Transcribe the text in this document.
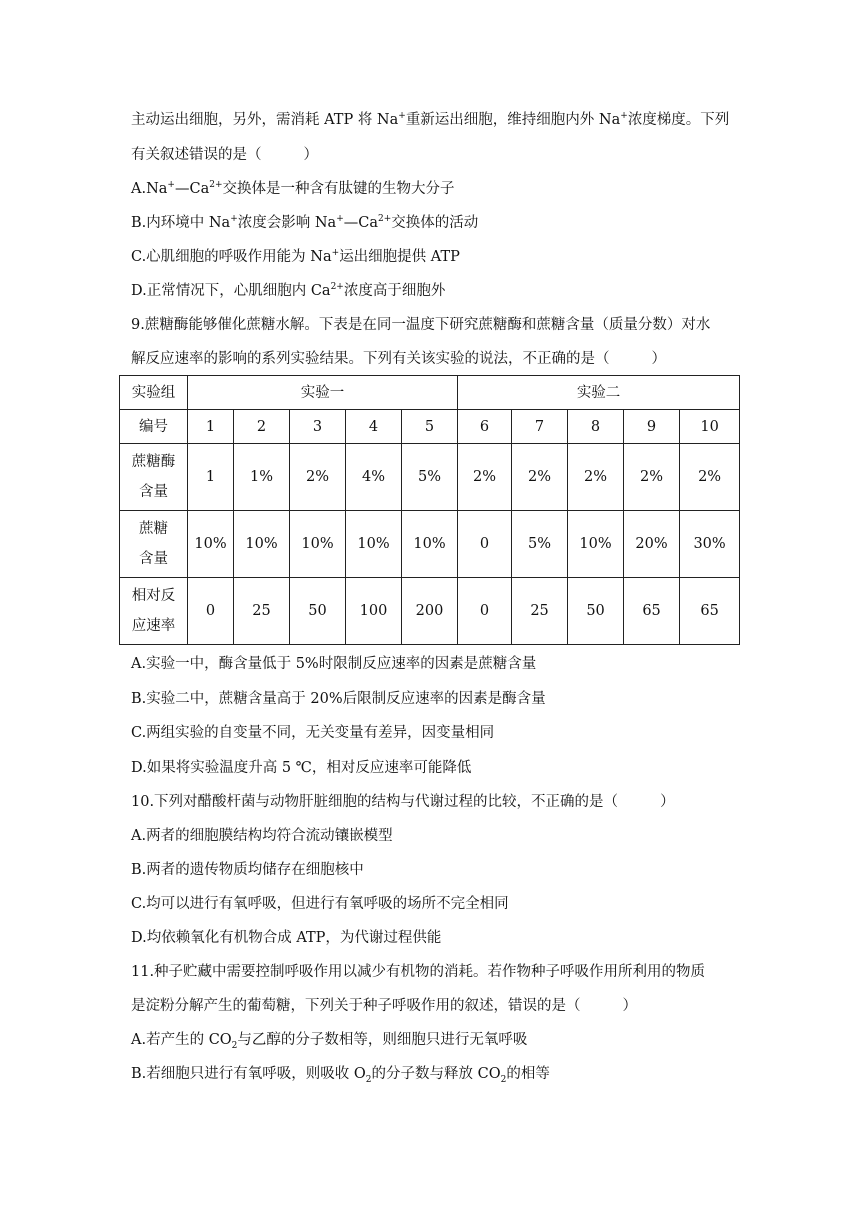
主动运出细胞，另外，需消耗 ATP 将 Na+重新运出细胞，维持细胞内外 Na+浓度梯度。下列
有关叙述错误的是（	）
$A.Na^+—Ca^{2+}$交换体是一种含有肽键的生物大分子
B.内环境中 Na+浓度会影响 $Na^+—Ca^{2+}$交换体的活动
C.心肌细胞的呼吸作用能为 Na+运出细胞提供 ATP
D.正常情况下，心肌细胞内 $Ca^{2+}$浓度高于细胞外
9.蔗糖酶能够催化蔗糖水解。下表是在同一温度下研究蔗糖酶和蔗糖含量（质量分数）对水
解反应速率的影响的系列实验结果。下列有关该实验的说法，不正确的是（	）
实验组	实验一					实验二				
编号	1	2	3	4	5	6	7	8	9	10

蔗糖酶
含量	1	1%	2%	4%	5%	2%	2%	2%	2%	2%

蔗糖
含量	10%	10%	10%	10%	10%	0	5%	10%	20%	30%

相对反
应速率	0	25	50	100	200	0	25	50	65	65
A.实验一中，酶含量低于 5%时限制反应速率的因素是蔗糖含量
B.实验二中，蔗糖含量高于 20%后限制反应速率的因素是酶含量
C.两组实验的自变量不同，无关变量有差异，因变量相同
D.如果将实验温度升高 5 ℃，相对反应速率可能降低
10.下列对醋酸杆菌与动物肝脏细胞的结构与代谢过程的比较，不正确的是（	）
A.两者的细胞膜结构均符合流动镶嵌模型
B.两者的遗传物质均储存在细胞核中
C.均可以进行有氧呼吸，但进行有氧呼吸的场所不完全相同
D.均依赖氧化有机物合成 ATP，为代谢过程供能
11.种子贮藏中需要控制呼吸作用以减少有机物的消耗。若作物种子呼吸作用所利用的物质
是淀粉分解产生的葡萄糖，下列关于种子呼吸作用的叙述，错误的是（	）
A.若产生的 $CO_2$与乙醇的分子数相等，则细胞只进行无氧呼吸
B.若细胞只进行有氧呼吸，则吸收 $O_2$的分子数与释放 $CO_2$的相等
